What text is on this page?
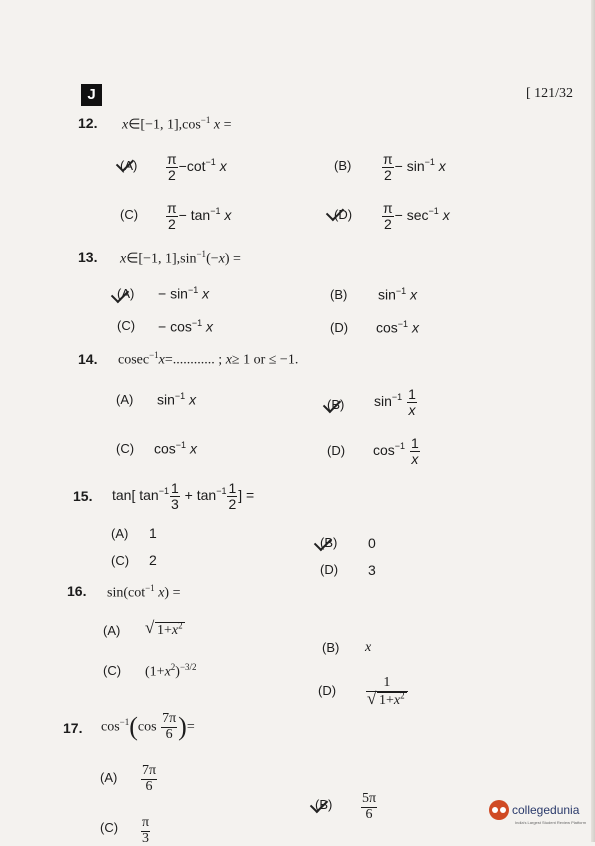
J	[ 121/32
12. x∈[−1, $1],\cos^{-1}$ x =
$(A) \frac{\pi}{2} -\cot^{-1}$ x	$(B) \frac{\pi}{2} - \sin^{-1} x$
$(C) \frac{\pi}{2} - \tan^{-1} x$	$(D) \frac{\pi}{2} - \sec^{-1} x$
13. x∈[−1, $1],\sin^{-1}(-x)$ =
$(A) - \sin^{-1} x$	(B) $\sin^{-1} x$
$(C) - \cos^{-1} x$	(D) $\cos^{-1} x$
14. cosec$^{-1}$x=............ ; x≥ 1 or ≤ −1.
(A) $\sin^{-1} x$	(B) $\sin^{-1} \frac{1}{x}$
(C) $\cos^{-1} x$	(D) $\cos^{-1} \frac{1}{x}$
15. tan[ $\tan^{-1} \frac{1}{3} + \tan^{-1} \frac{1}{2}$ ] =
(A) 1
(B) 0
(C) 2
(D) 3
16. $\sin(\cot^{-1}$ x) =
(A)
√	$1+x^2$
(B) x
(C) $(1+x^2)^{-3/2}$
(D) 1
√ $1+x^2$
17. $\cos^{-1}(\cos \frac{7\pi}{6}$ )=
$(A) \frac{7\pi}{6}$
$(B) \frac{5\pi}{6}$
$(C) \frac{\pi}{3}$
collegedunia
India's Largest Student Review Platform
